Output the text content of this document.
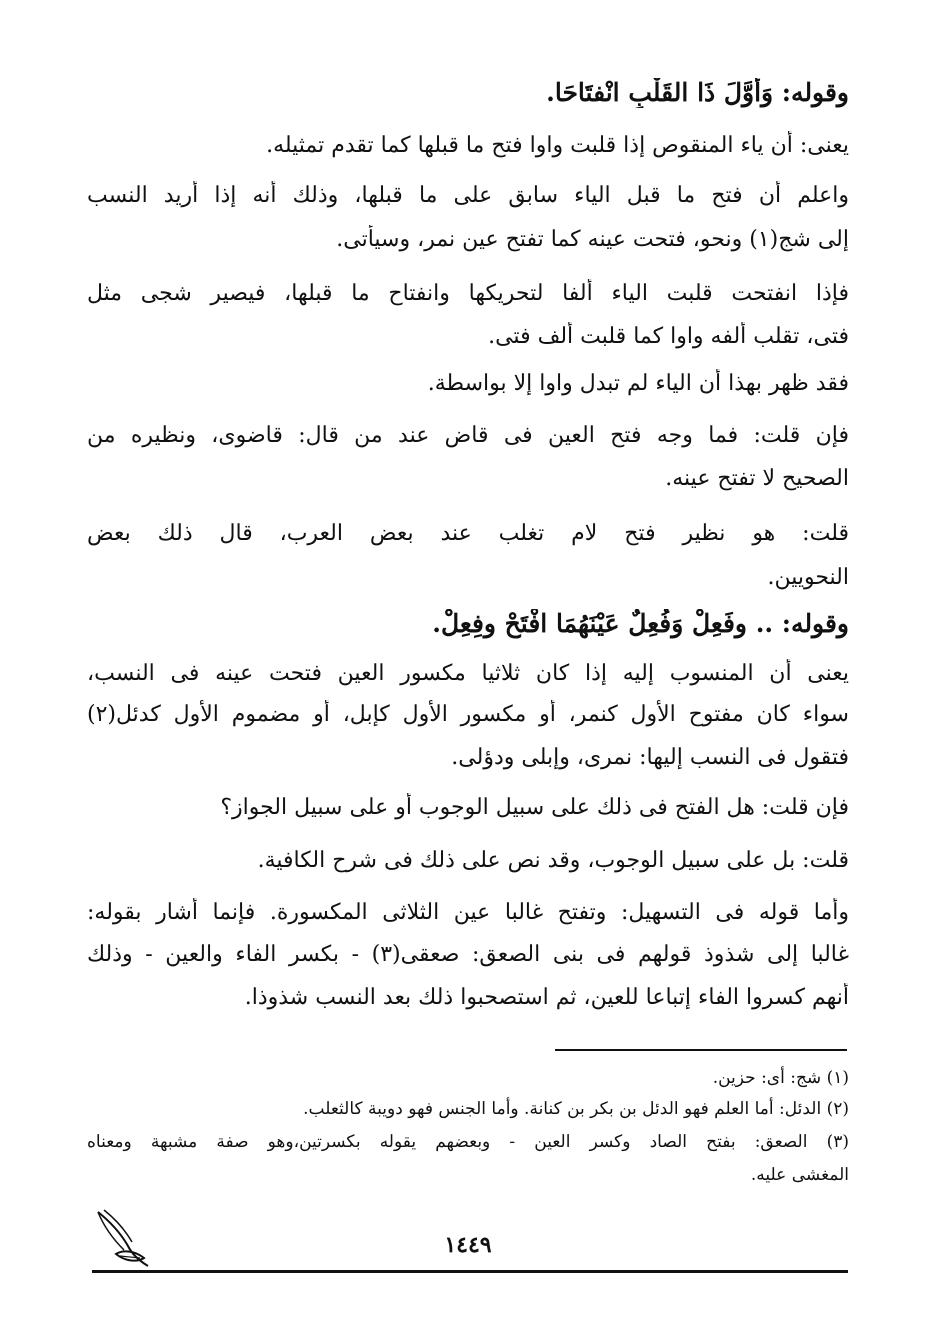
وقوله: وَأوَّلَ ذَا القَلْبِ انْفتَاحَا.
يعنى: أن ياء المنقوص إذا قلبت واوا فتح ما قبلها كما تقدم تمثيله.
واعلم أن فتح ما قبل الياء سابق على ما قبلها، وذلك أنه إذا أريد النسب
إلى شج(١) ونحو، فتحت عينه كما تفتح عين نمر، وسيأتى.
فإذا انفتحت قلبت الياء ألفا لتحريكها وانفتاح ما قبلها، فيصير شجى مثل
فتى، تقلب ألفه واوا كما قلبت ألف فتى.
فقد ظهر بهذا أن الياء لم تبدل واوا إلا بواسطة.
فإن قلت: فما وجه فتح العين فى قاض عند من قال: قاضوى، ونظيره من
الصحيح لا تفتح عينه.
قلت: هو نظير فتح لام تغلب عند بعض العرب، قال ذلك بعض
النحويين.
وقوله: .. وفَعِلْ وَفُعِلٌ عَيْنَهُمَا افْتَحْ وفِعِلْ.
يعنى أن المنسوب إليه إذا كان ثلاثيا مكسور العين فتحت عينه فى النسب،
سواء كان مفتوح الأول كنمر، أو مكسور الأول كإبل، أو مضموم الأول كدئل(٢)
فتقول فى النسب إليها: نمرى، وإبلى ودؤلى.
فإن قلت: هل الفتح فى ذلك على سبيل الوجوب أو على سبيل الجواز؟
قلت: بل على سبيل الوجوب، وقد نص على ذلك فى شرح الكافية.
وأما قوله فى التسهيل: وتفتح غالبا عين الثلاثى المكسورة. فإنما أشار بقوله:
غالبا إلى شذوذ قولهم فى بنى الصعق: صعقى(٣) - بكسر الفاء والعين - وذلك
أنهم كسروا الفاء إتباعا للعين، ثم استصحبوا ذلك بعد النسب شذوذا.
(١) شج: أى: حزين.
(٢) الدئل: أما العلم فهو الدئل بن بكر بن كنانة. وأما الجنس فهو دويبة كالثعلب.
(٣) الصعق: بفتح الصاد وكسر العين - وبعضهم يقوله بكسرتين،وهو صفة مشبهة ومعناه
المغشى عليه.
١٤٤٩
